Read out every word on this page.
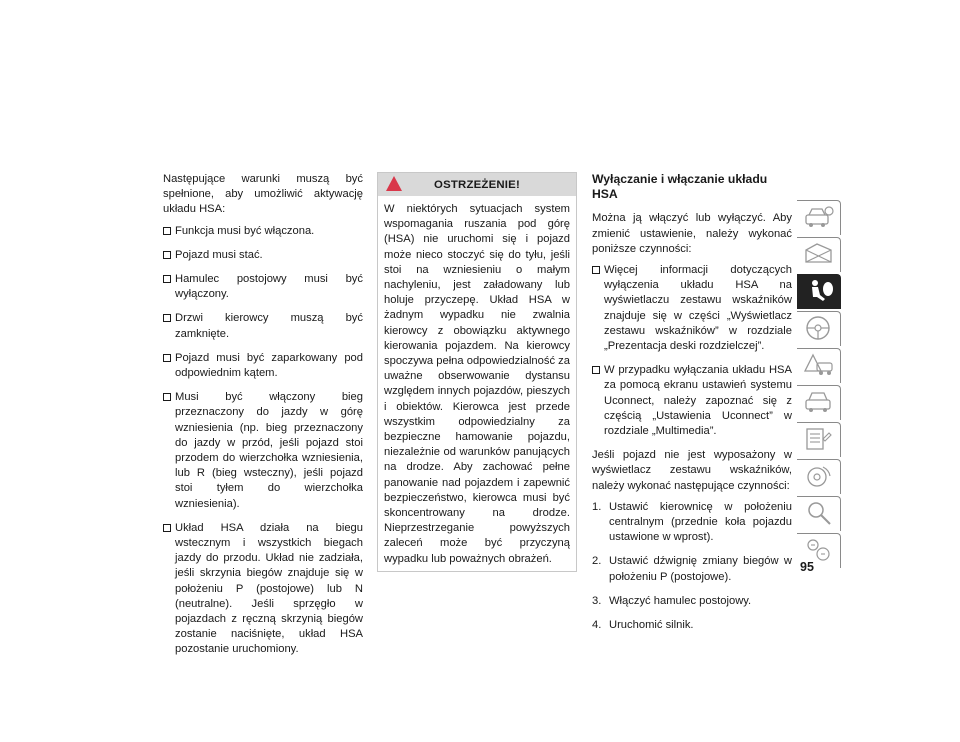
Następujące warunki muszą być spełnione, aby umożliwić aktywację układu HSA:

Funkcja musi być włączona.
Pojazd musi stać.
Hamulec postojowy musi być wyłączony.
Drzwi kierowcy muszą być zamknięte.
Pojazd musi być zaparkowany pod odpowiednim kątem.
Musi być włączony bieg przeznaczony do jazdy w górę wzniesienia (np. bieg przeznaczony do jazdy w przód, jeśli pojazd stoi przodem do wierzchołka wzniesienia, lub R (bieg wsteczny), jeśli pojazd stoi tyłem do wierzchołka wzniesienia).
Układ HSA działa na biegu wstecznym i wszystkich biegach jazdy do przodu. Układ nie zadziała, jeśli skrzynia biegów znajduje się w położeniu P (postojowe) lub N (neutralne). Jeśli sprzęgło w pojazdach z ręczną skrzynią biegów zostanie naciśnięte, układ HSA pozostanie uruchomiony.
OSTRZEŻENIE!
W niektórych sytuacjach system wspomagania ruszania pod górę (HSA) nie uruchomi się i pojazd może nieco stoczyć się do tyłu, jeśli stoi na wzniesieniu o małym nachyleniu, jest załadowany lub holuje przyczepę. Układ HSA w żadnym wypadku nie zwalnia kierowcy z obowiązku aktywnego kierowania pojazdem. Na kierowcy spoczywa pełna odpowiedzialność za uważne obserwowanie dystansu względem innych pojazdów, pieszych i obiektów. Kierowca jest przede wszystkim odpowiedzialny za bezpieczne hamowanie pojazdu, niezależnie od warunków panujących na drodze. Aby zachować pełne panowanie nad pojazdem i zapewnić bezpieczeństwo, kierowca musi być skoncentrowany na drodze. Nieprzestrzeganie powyższych zaleceń może być przyczyną wypadku lub poważnych obrażeń.
Wyłączanie i włączanie układu HSA

Można ją włączyć lub wyłączyć. Aby zmienić ustawienie, należy wykonać poniższe czynności:

Więcej informacji dotyczących wyłączenia układu HSA na wyświetlaczu zestawu wskaźników znajduje się w części „Wyświetlacz zestawu wskaźników” w rozdziale „Prezentacja deski rozdzielczej”.
W przypadku wyłączania układu HSA za pomocą ekranu ustawień systemu Uconnect, należy zapoznać się z częścią „Ustawienia Uconnect” w rozdziale „Multimedia”.

Jeśli pojazd nie jest wyposażony w wyświetlacz zestawu wskaźników, należy wykonać następujące czynności:

1. Ustawić kierownicę w położeniu centralnym (przednie koła pojazdu ustawione w wprost).
2. Ustawić dźwignię zmiany biegów w położeniu P (postojowe).
3. Włączyć hamulec postojowy.
4. Uruchomić silnik.
95
